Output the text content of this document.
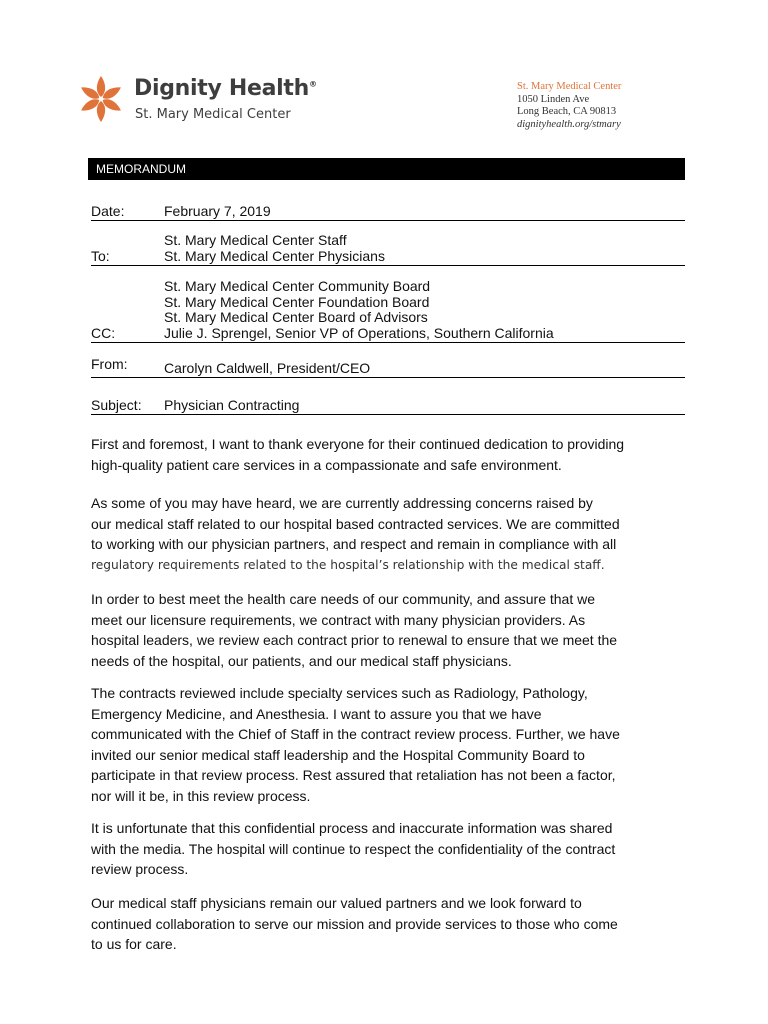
Dignity Health®
St. Mary Medical Center
St. Mary Medical Center
1050 Linden Ave
Long Beach, CA 90813
dignityhealth.org/stmary
MEMORANDUM
Date:	February 7, 2019
To:
St. Mary Medical Center Staff
St. Mary Medical Center Physicians
CC:
St. Mary Medical Center Community Board
St. Mary Medical Center Foundation Board
St. Mary Medical Center Board of Advisors
Julie J. Sprengel, Senior VP of Operations, Southern California
From:	Carolyn Caldwell, President/CEO
Subject: Physician Contracting

First and foremost, I want to thank everyone for their continued dedication to providing
high-quality patient care services in a compassionate and safe environment.

As some of you may have heard, we are currently addressing concerns raised by
our medical staff related to our hospital based contracted services. We are committed
to working with our physician partners, and respect and remain in compliance with all
regulatory requirements related to the hospital’s relationship with the medical staff.

In order to best meet the health care needs of our community, and assure that we
meet our licensure requirements, we contract with many physician providers. As
hospital leaders, we review each contract prior to renewal to ensure that we meet the
needs of the hospital, our patients, and our medical staff physicians.

The contracts reviewed include specialty services such as Radiology, Pathology,
Emergency Medicine, and Anesthesia. I want to assure you that we have
communicated with the Chief of Staff in the contract review process. Further, we have
invited our senior medical staff leadership and the Hospital Community Board to
participate in that review process. Rest assured that retaliation has not been a factor,
nor will it be, in this review process.

It is unfortunate that this confidential process and inaccurate information was shared
with the media. The hospital will continue to respect the confidentiality of the contract
review process.

Our medical staff physicians remain our valued partners and we look forward to
continued collaboration to serve our mission and provide services to those who come
to us for care.
